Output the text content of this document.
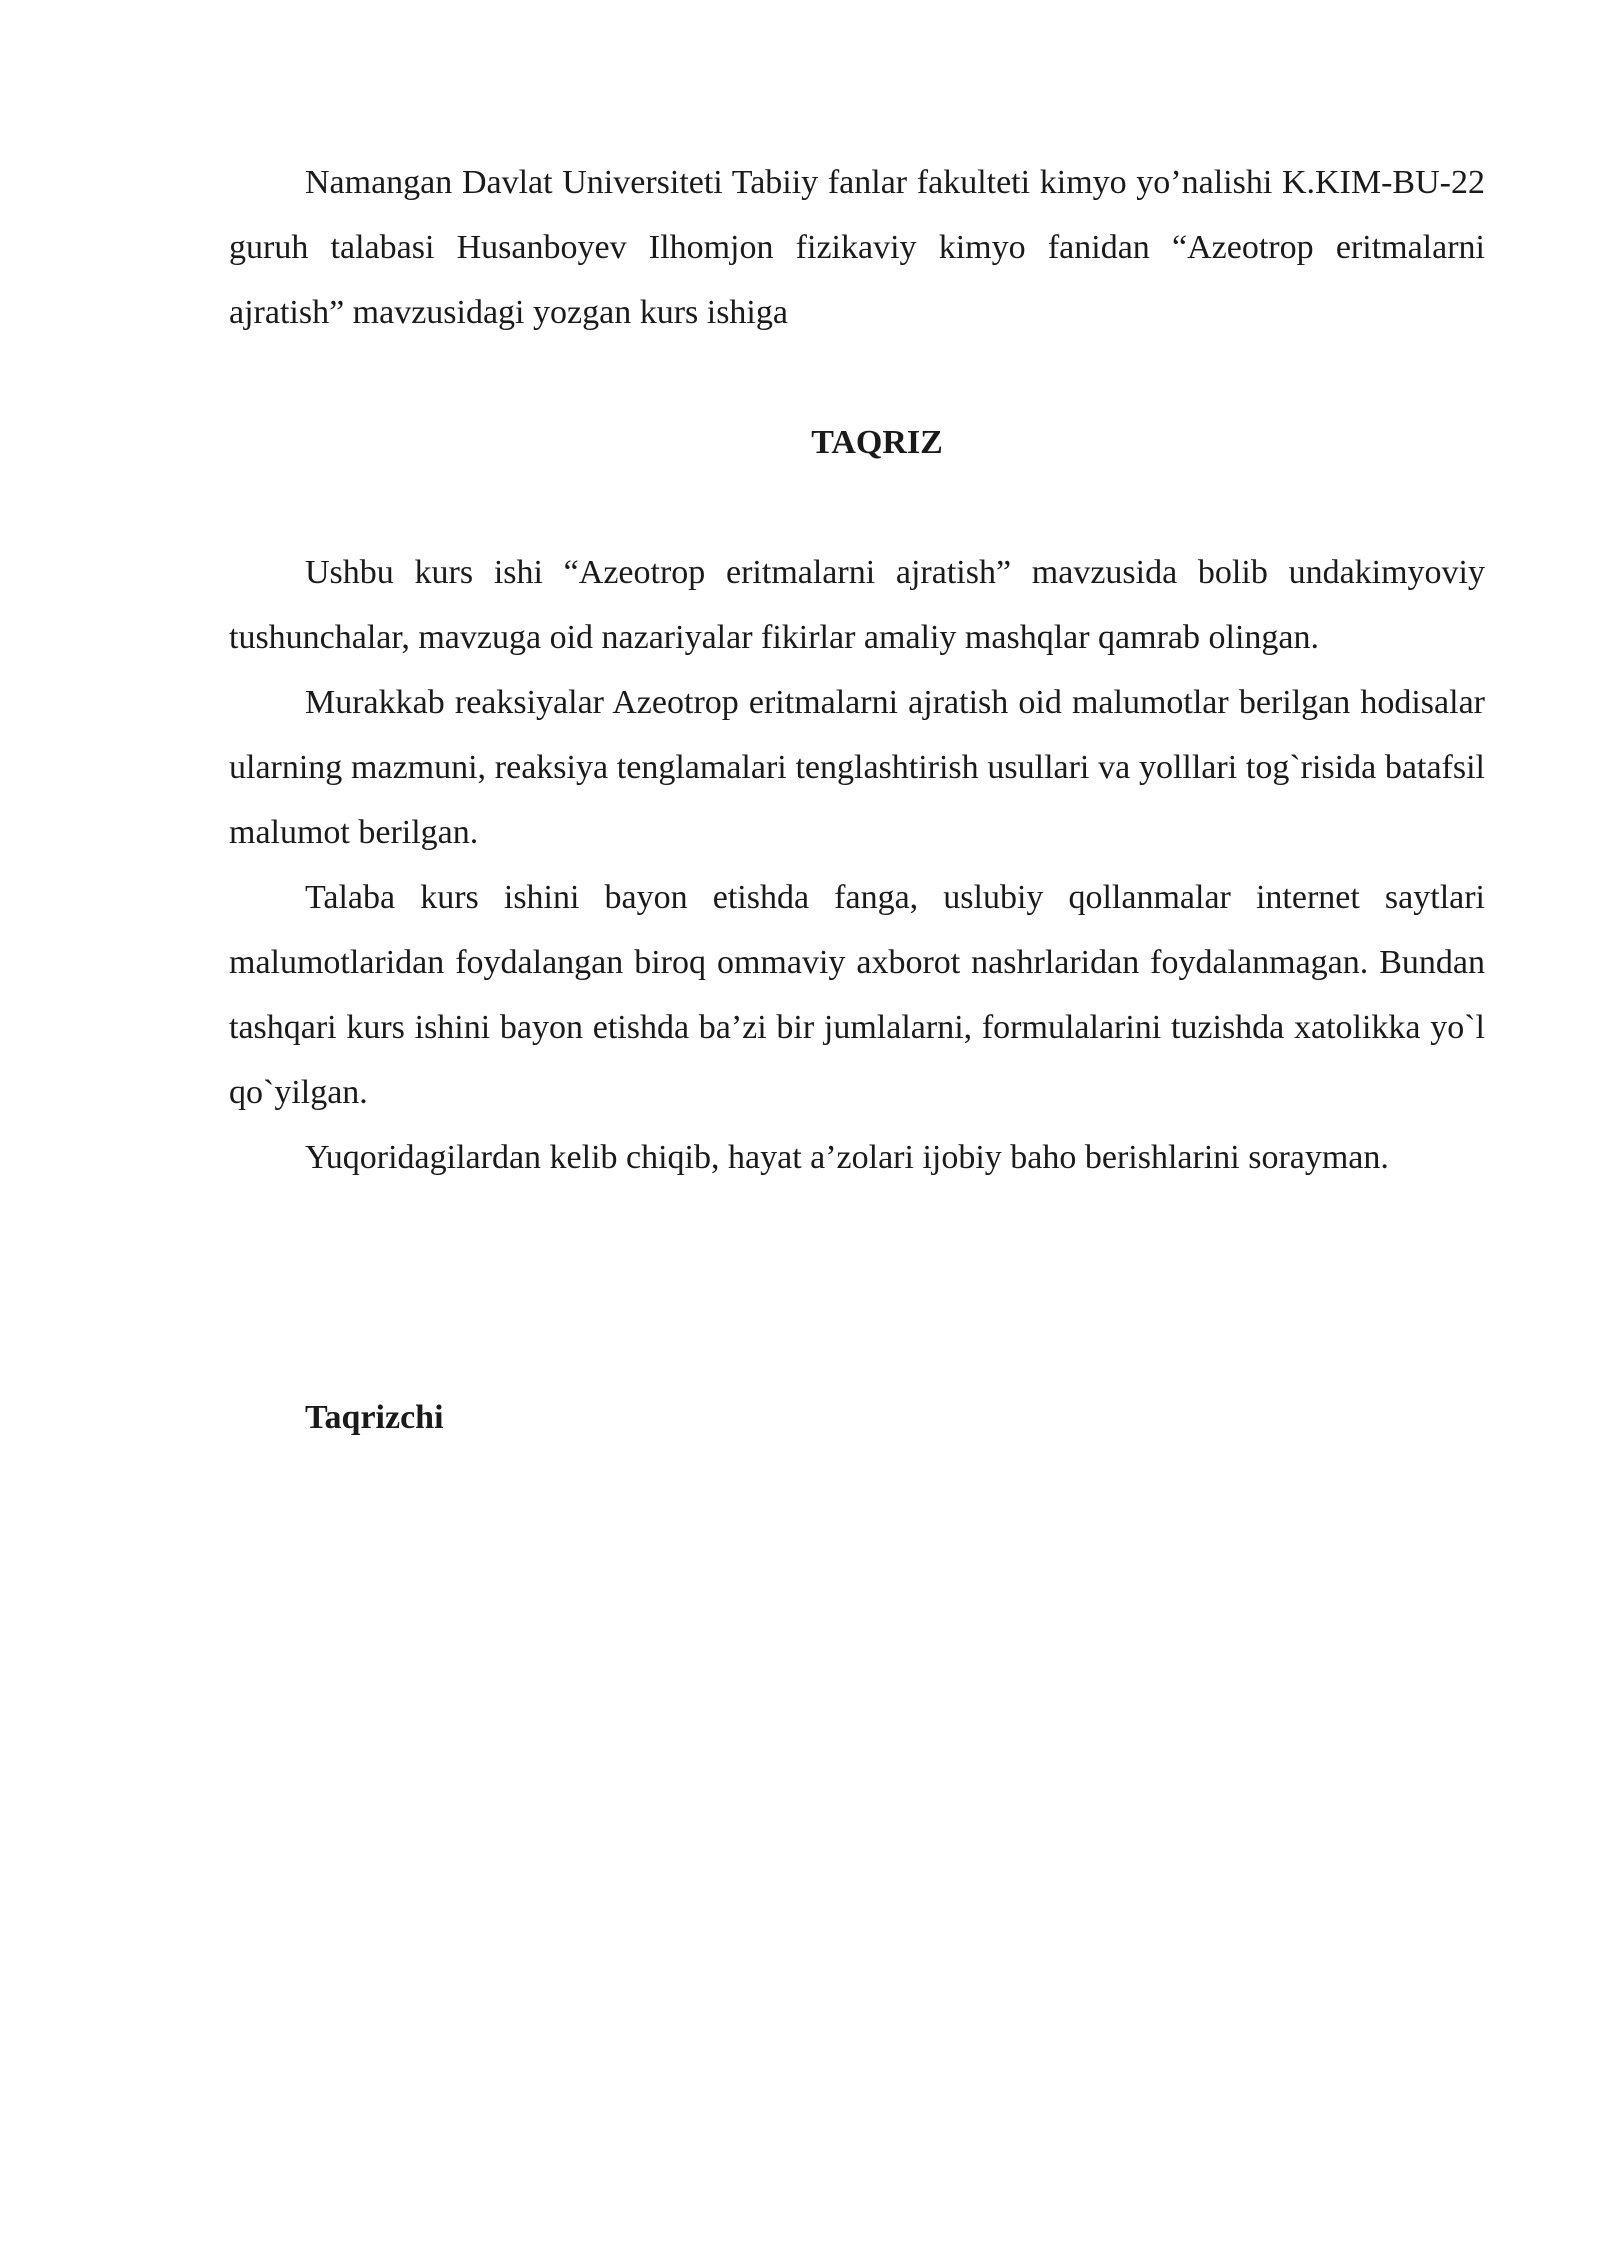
Namangan Davlat Universiteti Tabiiy fanlar fakulteti kimyo yo’nalishi K.KIM-BU-22 guruh talabasi Husanboyev Ilhomjon fizikaviy kimyo fanidan “Azeotrop eritmalarni ajratish” mavzusidagi yozgan kurs ishiga

TAQRIZ

Ushbu kurs ishi “Azeotrop eritmalarni ajratish” mavzusida bolib undakimyoviy tushunchalar, mavzuga oid nazariyalar fikirlar amaliy mashqlar qamrab olingan.

Murakkab reaksiyalar Azeotrop eritmalarni ajratish oid malumotlar berilgan hodisalar ularning mazmuni, reaksiya tenglamalari tenglashtirish usullari va yolllari tog`risida batafsil malumot berilgan.

Talaba kurs ishini bayon etishda fanga, uslubiy qollanmalar internet saytlari malumotlaridan foydalangan biroq ommaviy axborot nashrlaridan foydalanmagan. Bundan tashqari kurs ishini bayon etishda ba’zi bir jumlalarni, formulalarini tuzishda xatolikka yo`l qo`yilgan.

Yuqoridagilardan kelib chiqib, hayat a’zolari ijobiy baho berishlarini sorayman.

Taqrizchi
